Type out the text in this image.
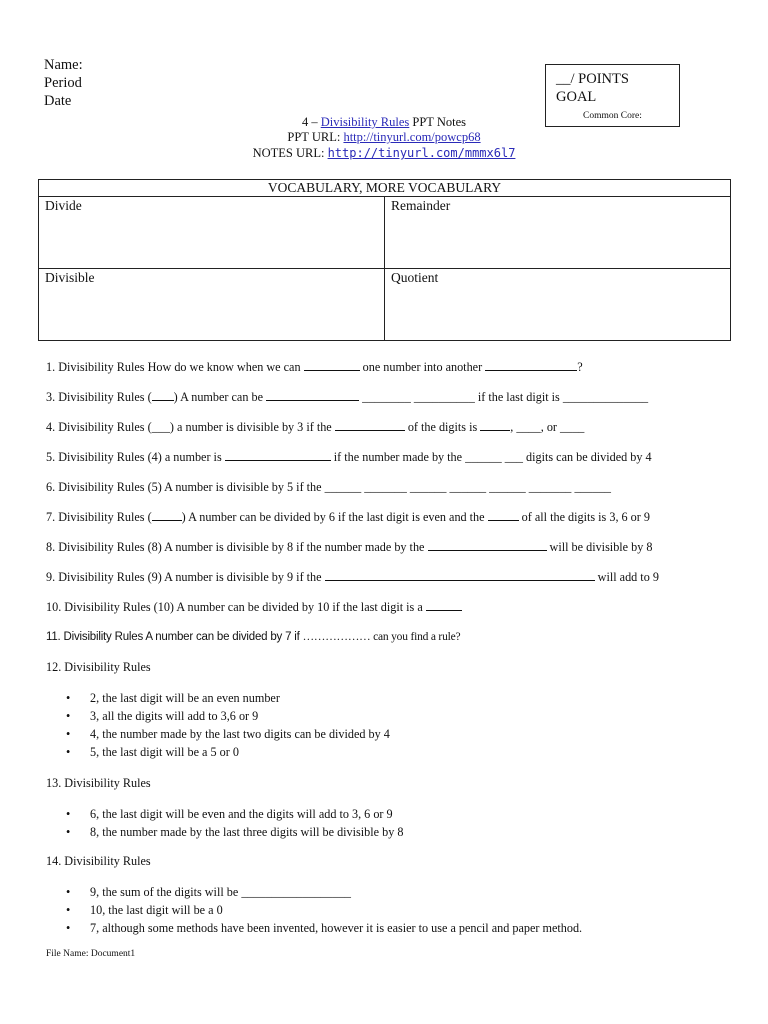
Name:
Period
Date
__/ POINTS
GOAL
Common Core:
4 – Divisibility Rules PPT Notes
PPT URL: http://tinyurl.com/powcp68
NOTES URL: http://tinyurl.com/mmmx6l7
VOCABULARY, MORE VOCABULARY	
Divide	Remainder
Divisible	Quotient
1. Divisibility Rules How do we know when we can	one number into another	?
3. Divisibility Rules ( ) A number can be	________ __________ if the last digit is ______________
4. Divisibility Rules (___) a number is divisible by 3 if the	of the digits is , ____, or ____
5. Divisibility Rules (4) a number is	if the number made by the ______ ___ digits can be divided by 4
6. Divisibility Rules (5) A number is divisible by 5 if the ______ _______ ______ ______ ______ _______ ______
7. Divisibility Rules ( ) A number can be divided by 6 if the last digit is even and the	of all the digits is 3, 6 or 9
8. Divisibility Rules (8) A number is divisible by 8 if the number made by the	will be divisible by 8
9. Divisibility Rules (9) A number is divisible by 9 if the	will add to 9
10. Divisibility Rules (10) A number can be divided by 10 if the last digit is a
11. Divisibility Rules A number can be divided by 7 if ……………… can you find a rule?
12. Divisibility Rules
• 2, the last digit will be an even number
• 3, all the digits will add to 3,6 or 9
• 4, the number made by the last two digits can be divided by 4
• 5, the last digit will be a 5 or 0
13. Divisibility Rules
• 6, the last digit will be even and the digits will add to 3, 6 or 9
• 8, the number made by the last three digits will be divisible by 8
14. Divisibility Rules
• 9, the sum of the digits will be __________________
• 10, the last digit will be a 0
• 7, although some methods have been invented, however it is easier to use a pencil and paper method.
File Name: Document1
